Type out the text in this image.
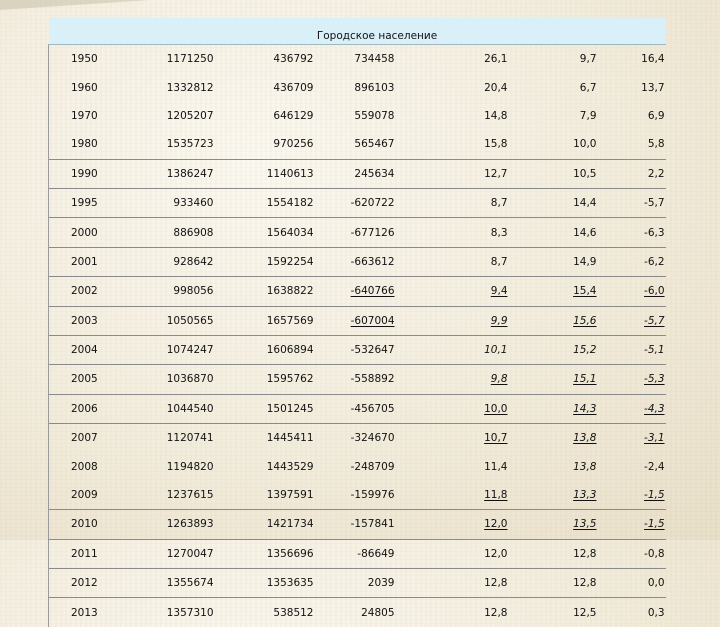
Городское население						
1950	1171250	436792	734458	26,1	9,7	16,4
1960	1332812	436709	896103	20,4	6,7	13,7
1970	1205207	646129	559078	14,8	7,9	6,9
1980	1535723	970256	565467	15,8	10,0	5,8
1990	1386247	1140613	245634	12,7	10,5	2,2
1995	933460	1554182	-620722	8,7	14,4	-5,7
2000	886908	1564034	-677126	8,3	14,6	-6,3
2001	928642	1592254	-663612	8,7	14,9	-6,2
2002	998056	1638822	-640766	9,4	15,4	-6,0
2003	1050565	1657569	-607004	9,9	15,6	-5,7
2004	1074247	1606894	-532647	10,1	15,2	-5,1
2005	1036870	1595762	-558892	9,8	15,1	-5,3
2006	1044540	1501245	-456705	10,0	14,3	-4,3
2007	1120741	1445411	-324670	10,7	13,8	-3,1
2008	1194820	1443529	-248709	11,4	13,8	-2,4
2009	1237615	1397591	-159976	11,8	13,3	-1,5
2010	1263893	1421734	-157841	12,0	13,5	-1,5
2011	1270047	1356696	-86649	12,0	12,8	-0,8
2012	1355674	1353635	2039	12,8	12,8	0,0
2013	1357310	538512	24805	12,8	12,5	0,3
